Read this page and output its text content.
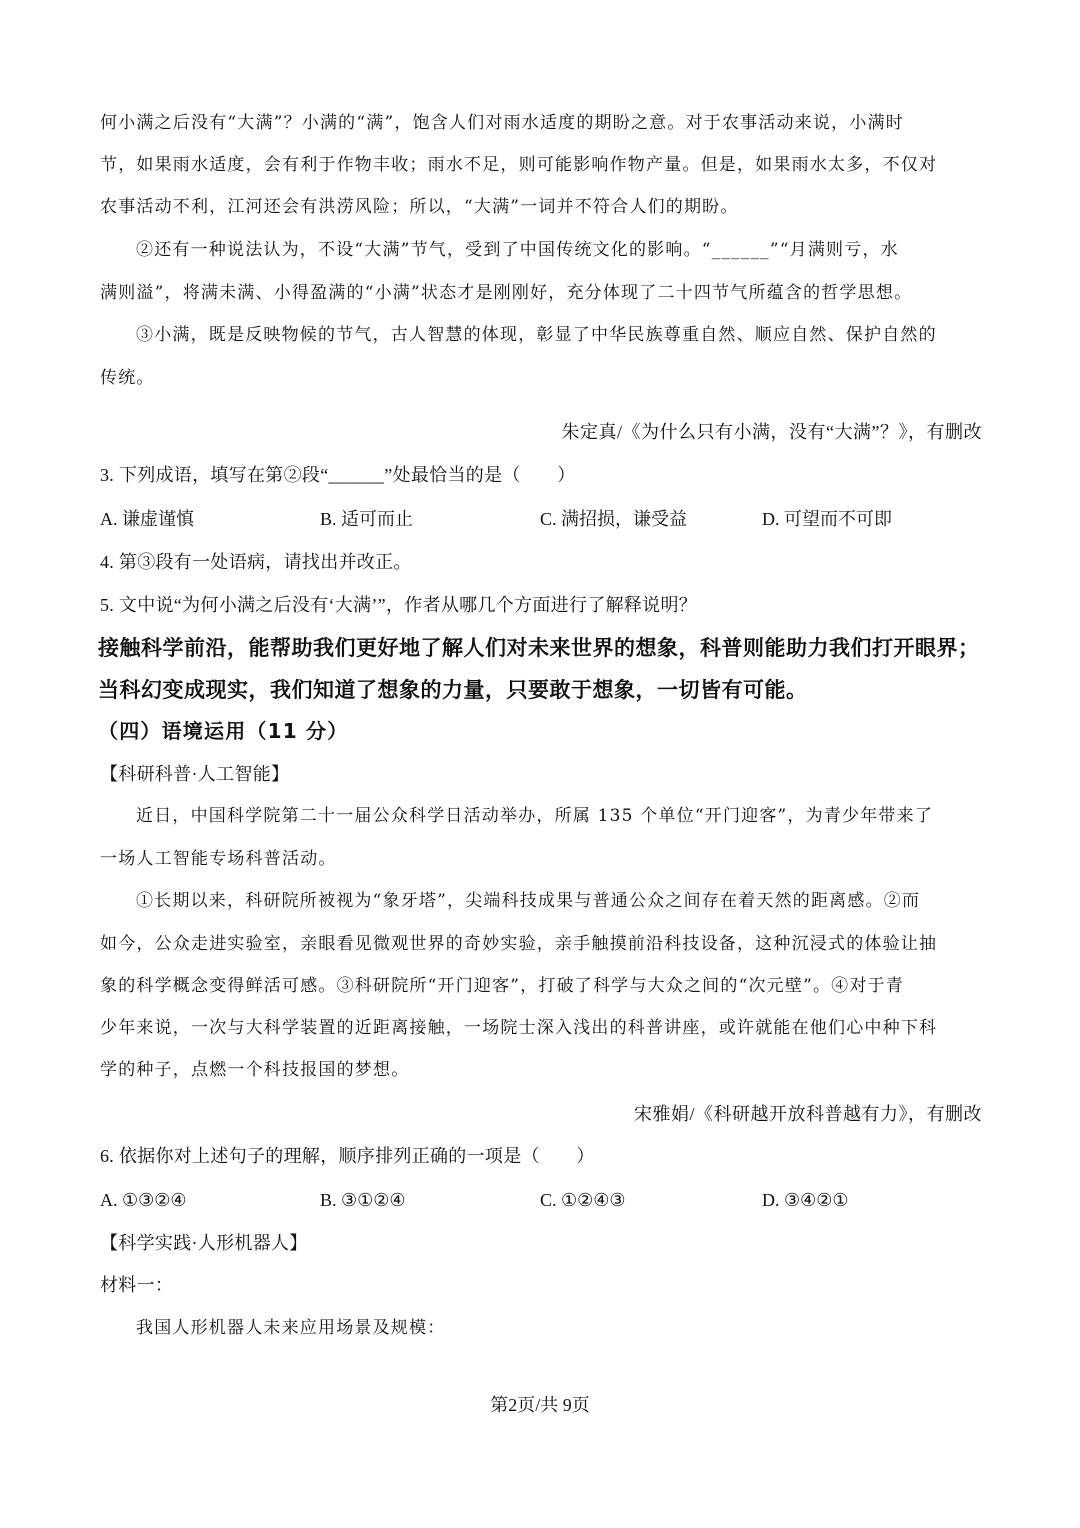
何小满之后没有“大满”？小满的“满”，饱含人们对雨水适度的期盼之意。对于农事活动来说，小满时
节，如果雨水适度，会有利于作物丰收；雨水不足，则可能影响作物产量。但是，如果雨水太多，不仅对
农事活动不利，江河还会有洪涝风险；所以，“大满”一词并不符合人们的期盼。
②还有一种说法认为，不设“大满”节气，受到了中国传统文化的影响。“______”“月满则亏，水
满则溢”，将满未满、小得盈满的“小满”状态才是刚刚好，充分体现了二十四节气所蕴含的哲学思想。
③小满，既是反映物候的节气，古人智慧的体现，彰显了中华民族尊重自然、顺应自然、保护自然的
传统。
朱定真/《为什么只有小满，没有“大满”？》，有删改
3. 下列成语，填写在第②段“______”处最恰当的是（　　）
A. 谦虚谨慎	B. 适可而止	C. 满招损，谦受益	D. 可望而不可即
4. 第③段有一处语病，请找出并改正。
5. 文中说“为何小满之后没有‘大满’”，作者从哪几个方面进行了解释说明？
接触科学前沿，能帮助我们更好地了解人们对未来世界的想象，科普则能助力我们打开眼界；
当科幻变成现实，我们知道了想象的力量，只要敢于想象，一切皆有可能。
（四）语境运用（11 分）
【科研科普·人工智能】
近日，中国科学院第二十一届公众科学日活动举办，所属 135 个单位“开门迎客”，为青少年带来了
一场人工智能专场科普活动。
①长期以来，科研院所被视为“象牙塔”，尖端科技成果与普通公众之间存在着天然的距离感。②而
如今，公众走进实验室，亲眼看见微观世界的奇妙实验，亲手触摸前沿科技设备，这种沉浸式的体验让抽
象的科学概念变得鲜活可感。③科研院所“开门迎客”，打破了科学与大众之间的“次元壁”。④对于青
少年来说，一次与大科学装置的近距离接触，一场院士深入浅出的科普讲座，或许就能在他们心中种下科
学的种子，点燃一个科技报国的梦想。
宋雅娟/《科研越开放科普越有力》，有删改
6. 依据你对上述句子的理解，顺序排列正确的一项是（　　）
A. ①③②④	B. ③①②④	C. ①②④③	D. ③④②①
【科学实践·人形机器人】
材料一：
我国人形机器人未来应用场景及规模：
第2页/共 9页
